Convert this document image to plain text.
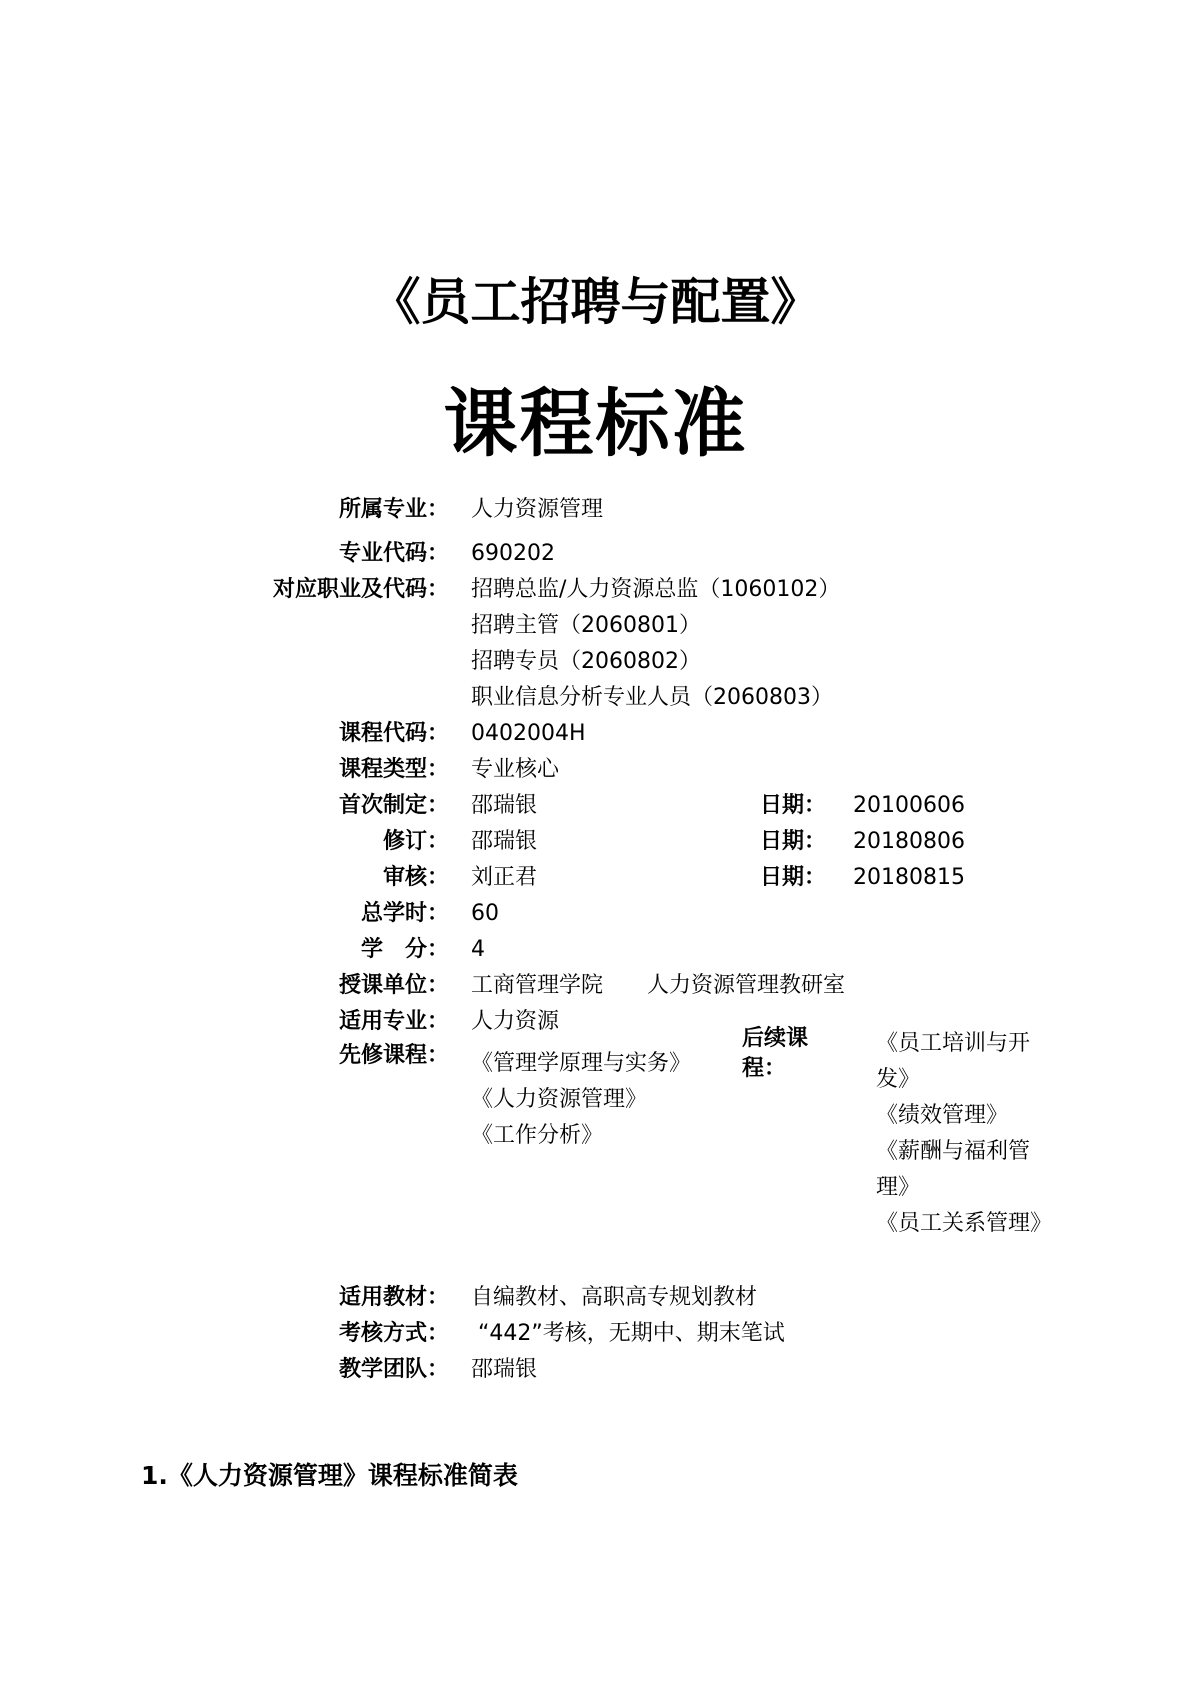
《员工招聘与配置》
课程标准
所属专业： 人力资源管理
专业代码： 690202
对应职业及代码： 招聘总监/人力资源总监（1060102）
招聘主管（2060801）
招聘专员（2060802）
职业信息分析专业人员（2060803）
课程代码： 0402004H
课程类型： 专业核心
首次制定： 邵瑞银	日期： 20100606
修订： 邵瑞银	日期： 20180806
审核： 刘正君	日期： 20180815
总学时： 60
学　分： 4
授课单位： 工商管理学院　　人力资源管理教研室
适用专业： 人力资源
先修课程： 《管理学原理与实务》
《人力资源管理》
《工作分析》
后续课程：
《员工培训与开发》
《绩效管理》
《薪酬与福利管理》
《员工关系管理》
适用教材： 自编教材、高职高专规划教材
考核方式： “442”考核，无期中、期末笔试
教学团队： 邵瑞银
1.《人力资源管理》课程标准简表
